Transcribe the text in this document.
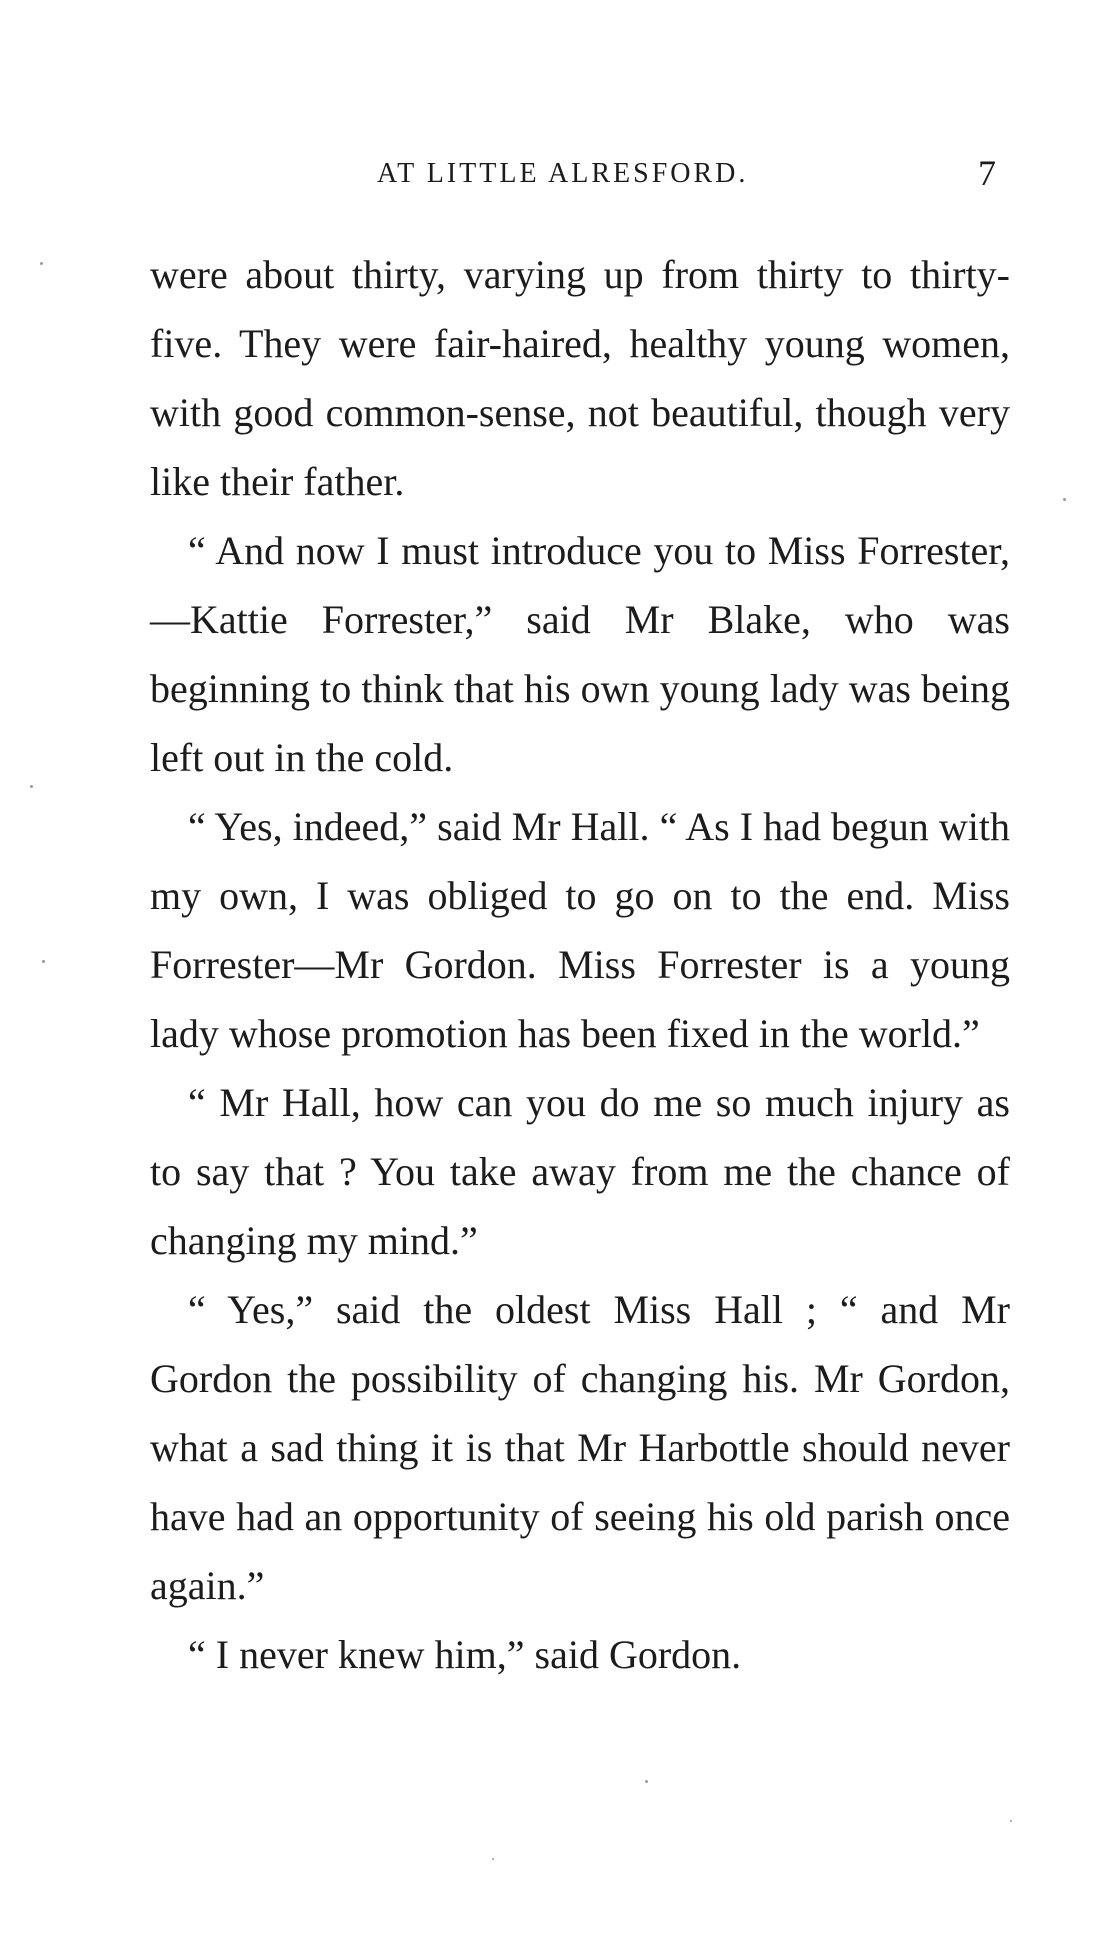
AT LITTLE ALRESFORD.	7

were about thirty, varying up from thirty to thirty-five. They were fair-haired, healthy young women, with good common-sense, not beautiful, though very like their father.

“ And now I must introduce you to Miss Forrester,—Kattie Forrester,” said Mr Blake, who was beginning to think that his own young lady was being left out in the cold.

“ Yes, indeed,” said Mr Hall. “ As I had begun with my own, I was obliged to go on to the end. Miss Forrester—Mr Gordon. Miss Forrester is a young lady whose promotion has been fixed in the world.”

“ Mr Hall, how can you do me so much injury as to say that ? You take away from me the chance of changing my mind.”

“ Yes,” said the oldest Miss Hall ; “ and Mr Gordon the possibility of changing his. Mr Gordon, what a sad thing it is that Mr Harbottle should never have had an opportunity of seeing his old parish once again.”

“ I never knew him,” said Gordon.
